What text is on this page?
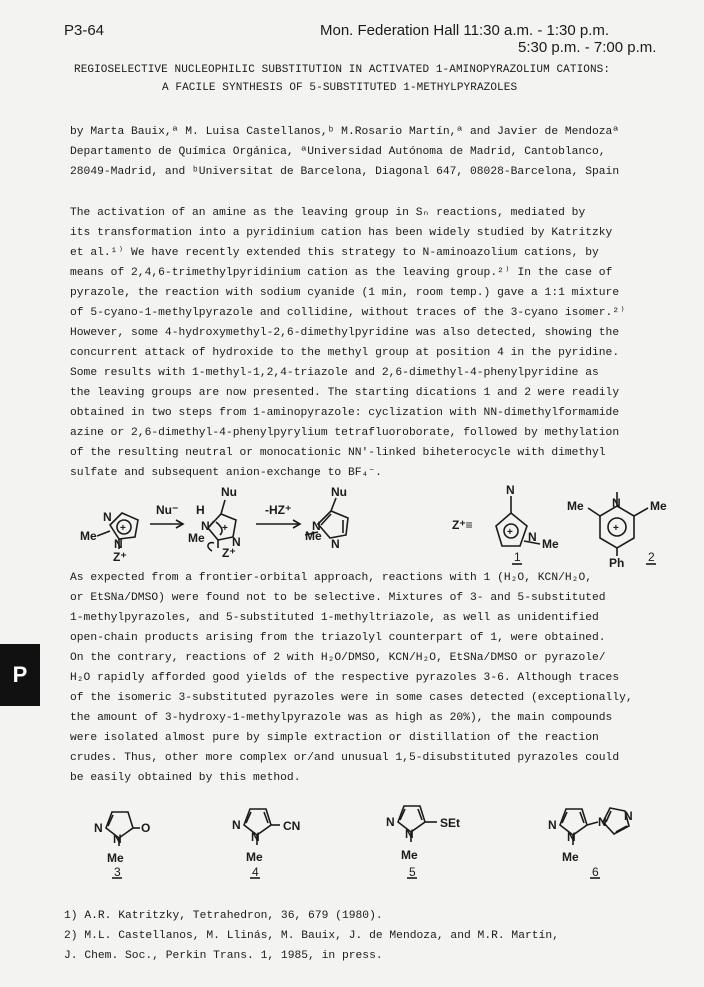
P3-64	Mon. Federation Hall 11:30 a.m. - 1:30 p.m.
5:30 p.m. - 7:00 p.m.
REGIOSELECTIVE NUCLEOPHILIC SUBSTITUTION IN ACTIVATED 1-AMINOPYRAZOLIUM CATIONS:
A FACILE SYNTHESIS OF 5-SUBSTITUTED 1-METHYLPYRAZOLES
by Marta Bauix,ª M. Luisa Castellanos,ᵇ M.Rosario Martín,ª and Javier de Mendozaª
Departamento de Química Orgánica, ªUniversidad Autónoma de Madrid, Cantoblanco,
28049-Madrid, and ᵇUniversitat de Barcelona, Diagonal 647, 08028-Barcelona, Spain
The activation of an amine as the leaving group in Sₙ reactions, mediated by
its transformation into a pyridinium cation has been widely studied by Katritzky
et al.¹⁾ We have recently extended this strategy to N-aminoazolium cations, by
means of 2,4,6-trimethylpyridinium cation as the leaving group.²⁾ In the case of
pyrazole, the reaction with sodium cyanide (1 min, room temp.) gave a 1:1 mixture
of 5-cyano-1-methylpyrazole and collidine, without traces of the 3-cyano isomer.²⁾
However, some 4-hydroxymethyl-2,6-dimethylpyridine was also detected, showing the
concurrent attack of hydroxide to the methyl group at position 4 in the pyridine.
Some results with 1-methyl-1,2,4-triazole and 2,6-dimethyl-4-phenylpyridine as
the leaving groups are now presented. The starting dications 1 and 2 were readily
obtained in two steps from 1-aminopyrazole: cyclization with NN-dimethylformamide
azine or 2,6-dimethyl-4-phenylpyrylium tetrafluoroborate, followed by methylation
of the resulting neutral or monocationic NN'-linked biheterocycle with dimethyl
sulfate and subsequent anion-exchange to BF₄⁻.
+
N
Me
N
Z⁺
Nu⁻
Nu
H
Me
N
N
Z⁺
+
-HZ⁺
Nu
Me
N
N
Z⁺≡
+
N
Me
N
1
N
Me	Me
+
Ph 2
As expected from a frontier-orbital approach, reactions with 1 (H₂O, KCN/H₂O,
or EtSNa/DMSO) were found not to be selective. Mixtures of 3- and 5-substituted
1-methylpyrazoles, and 5-substituted 1-methyltriazole, as well as unidentified
open-chain products arising from the triazolyl counterpart of 1, were obtained.
On the contrary, reactions of 2 with H₂O/DMSO, KCN/H₂O, EtSNa/DMSO or pyrazole/
H₂O rapidly afforded good yields of the respective pyrazoles 3-6. Although traces
of the isomeric 3-substituted pyrazoles were in some cases detected (exceptionally,
the amount of 3-hydroxy-1-methylpyrazole was as high as 20%), the main compounds
were isolated almost pure by simple extraction or distillation of the reaction
crudes. Thus, other more complex or/and unusual 1,5-disubstituted pyrazoles could
be easily obtained by this method.
N
N
O
Me
3
N
N
CN
Me
4
N
N
SEt
Me
5
N
N
N N
Me
6
1) A.R. Katritzky, Tetrahedron, 36, 679 (1980).
2) M.L. Castellanos, M. Llinás, M. Bauix, J. de Mendoza, and M.R. Martín,
J. Chem. Soc., Perkin Trans. 1, 1985, in press.
P
